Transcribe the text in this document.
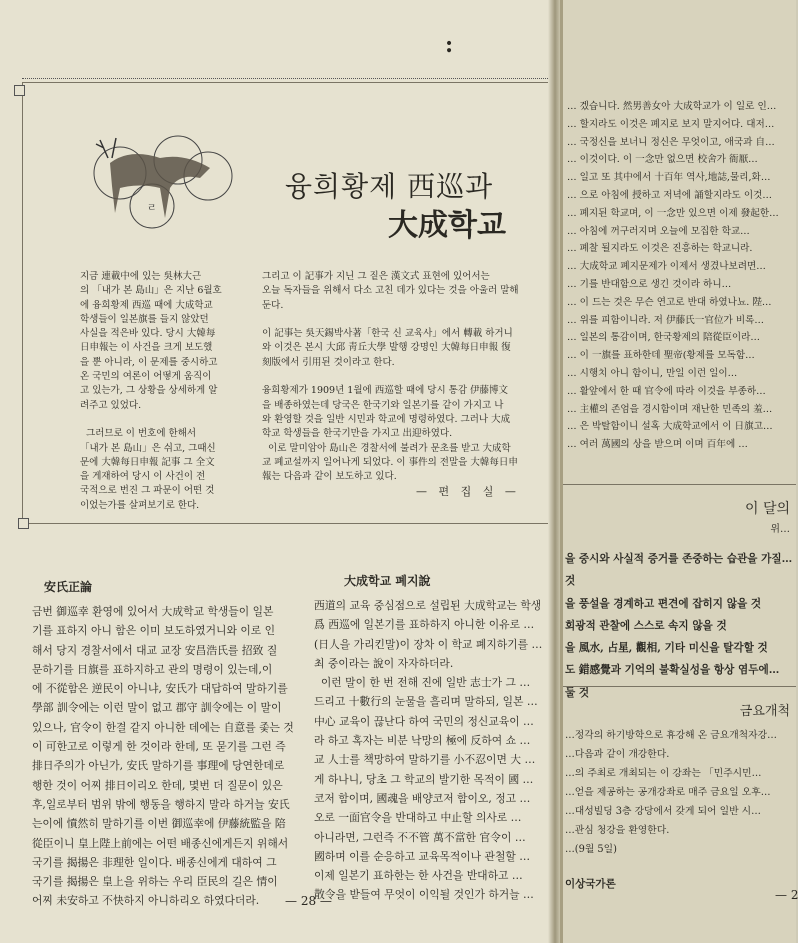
:
ㄹ
융희황제 西巡과
大成학교
지금 連載中에 있는 吳林大근
의 「내가 본 島山」은 지난 6월호
에 융희황제 西巡 때에 大成학교
학생들이 일본旗를 들지 않았던
사실을 적은바 있다. 당시 大韓每
日申報는 이 사건을 크게 보도했
을 뿐 아니라, 이 문제를 중시하고
온 국민의 여론이 어떻게 움직이
고 있는가, 그 상황을 상세하게 알
려주고 있었다.

그러므로 이 번호에 한해서
「내가 본 島山」은 쉬고, 그때신
문에 大韓每日申報 記事 그 全文
을 게재하여 당시 이 사건이 전
국적으로 번진 그 파문이 어떤 것
이었는가를 살펴보기로 한다.
그리고 이 記事가 지닌 그 짙은 漢文式 표현에 있어서는
오늘 독자들을 위해서 다소 고친 데가 있다는 것을 아울러 말해
둔다.

이 記事는 吳天錫박사著「한국 신 교육사」에서 轉載 하거니
와 이것은 본시 大邱 靑丘大學 발행 강명인 大韓每日申報 復
刻版에서 引用된 것이라고 한다.

융희황제가 1909년 1월에 西巡할 때에 당시 통감 伊藤博文
을 배종하였는데 당국은 한국기와 일본기를 같이 가지고 나
와 환영할 것을 일반 시민과 학교에 명령하였다. 그러나 大成
학교 학생들을 한국기만을 가지고 出迎하였다.
이로 말미암아 島山은 경찰서에 불려가 문초를 받고 大成학
교 폐교설까지 일어나게 되었다. 이 事件의 전말을 大韓每日申
報는 다음과 같이 보도하고 있다.
— 편 집 실 —
安氏正論
금번 御巡幸 환영에 있어서 大成학교 학생들이 일본
기를 표하지 아니 함은 이미 보도하였거니와 이로 인
해서 당지 경찰서에서 대교 교장 安昌浩氏를 招致 질
문하기를 日旗를 표하지하고 관의 명령이 있는데,이
에 不從함은 逆民이 아니냐, 安氏가 대답하여 말하기를
學部 訓令에는 이런 말이 없고 郡守 訓令에는 이 말이
있으나, 官令이 한결 같지 아니한 데에는 自意를 좇는 것
이 可한고로 이렇게 한 것이라 한데, 또 묻기를 그런 즉
排日주의가 아닌가, 安氏 말하기를 事理에 당연한데로
행한 것이 어찌 排日이리오 한데, 몇번 더 질문이 있은
후,일로부터 범위 밖에 행동을 행하지 말라 하거늘 安氏
는이에 憤然히 말하기를 이번 御巡幸에 伊藤統監을 陪
從臣이니 皇上陛上前에는 어떤 배종신에게든지 위해서
국기를 揭揚은 非理한 일이다. 배종신에게 대하여 그
국기를 揭揚은 皇上을 위하는 우리 臣民의 길은 情이
어찌 未安하고 不快하지 아니하리오 하였다더라.
大成학교 폐지說
西道의 교육 중심점으로 설립된 大成학교는 학생
爲 西巡에 일본기를 표하하지 아니한 이유로 …
(日人을 가리킨말)이 장차 이 학교 폐지하기를 …
최 중이라는 說이 자자하더라.
이런 말이 한 번 전해 진에 일반 志士가 그 …
드리고 十數行의 눈물을 흘리며 말하되, 일본 …
中心 교육이 끊난다 하여 국민의 정신교육이 …
라 하고 혹자는 비분 낙망의 極에 反하여 쇼 …
교 人士를 책망하여 말하기를 小不忍이면 大 …
게 하나니, 당초 그 학교의 발기한 목적이 國 …
코저 함이며, 國魂을 배양코저 함이오, 정고 …
오로 一面官令을 반대하고 中止할 의사로 …
아니라면, 그런즉 不不管 萬不當한 官令이 …
國하며 이를 순응하고 교육목적이나 관철할 …
이제 일본기 표하한는 한 사건을 반대하고 …
散令을 받들여 무엇이 이익될 것인가 하거늘 …
— 28 —
… 겠습니다. 然男善女아 大成학교가 이 일로 인…
… 할지라도 이것은 폐지로 보지 말지어다. 대저…
… 국정신을 보너니 정신은 무엇이고, 애국과 自…
… 이것이다. 이 一念만 없으면 校舍가 衙厭…
… 일고 또 其中에서 十百年 역사,地誌,물리,화…
… 으로 아침에 授하고 저녁에 誦할지라도 이것…
… 폐지된 학교며, 이 一念만 있으면 이제 發起한…
… 아침에 꺼구러지며 오늘에 모집한 학교…
… 폐찰 될지라도 이것은 진흥하는 학교니라.
… 大成학교 폐지문제가 이제서 생겼나보려면…
… 기를 반대함으로 생긴 것이라 하니…
… 이 드는 것은 무슨 연고로 반대 하였나뇨. 陛…
… 위를 피함이니라. 저 伊藤氏一官位가 비록…
… 일본의 통감이며, 한국황제의 陪從臣이라…
… 이 一旗를 표하한데 聖帝(황제를 모독함…
… 시행치 아니 함이니, 만일 이런 일이…
… 활앞에서 한 때 官令에 따라 이것을 부종하…
… 主權의 존엄을 경시함이며 재난한 민족의 羞…
… 은 박탈함이니 설혹 大成학교에서 이 日旗고…
… 여러 萬國의 상을 받으며 이며 百年에 …
이 달의
위…
을 중시와 사실적 증거를 존중하는 습관을 가질…
것
을 풍설을 경계하고 편견에 잡히지 않을 것
회광적 관찰에 스스로 속지 않을 것
을 風水, 占星, 觀相, 기타 미신을 탈각할 것
도 錯感覺과 기억의 불확실성을 항상 염두에…
둘 것
금요개척
…정각의 하기방학으로 휴강해 온 금요개척자강…
…다음과 같이 개강한다.
…의 주최로 개최되는 이 강좌는 「민주시민…
…얻을 제공하는 공개강좌로 매주 금요일 오후…
…대성빌딩 3층 강당에서 갖게 되어 일반 시…
…관심 청강을 환영한다.
…(9월 5일)
이상국가론
— 2
